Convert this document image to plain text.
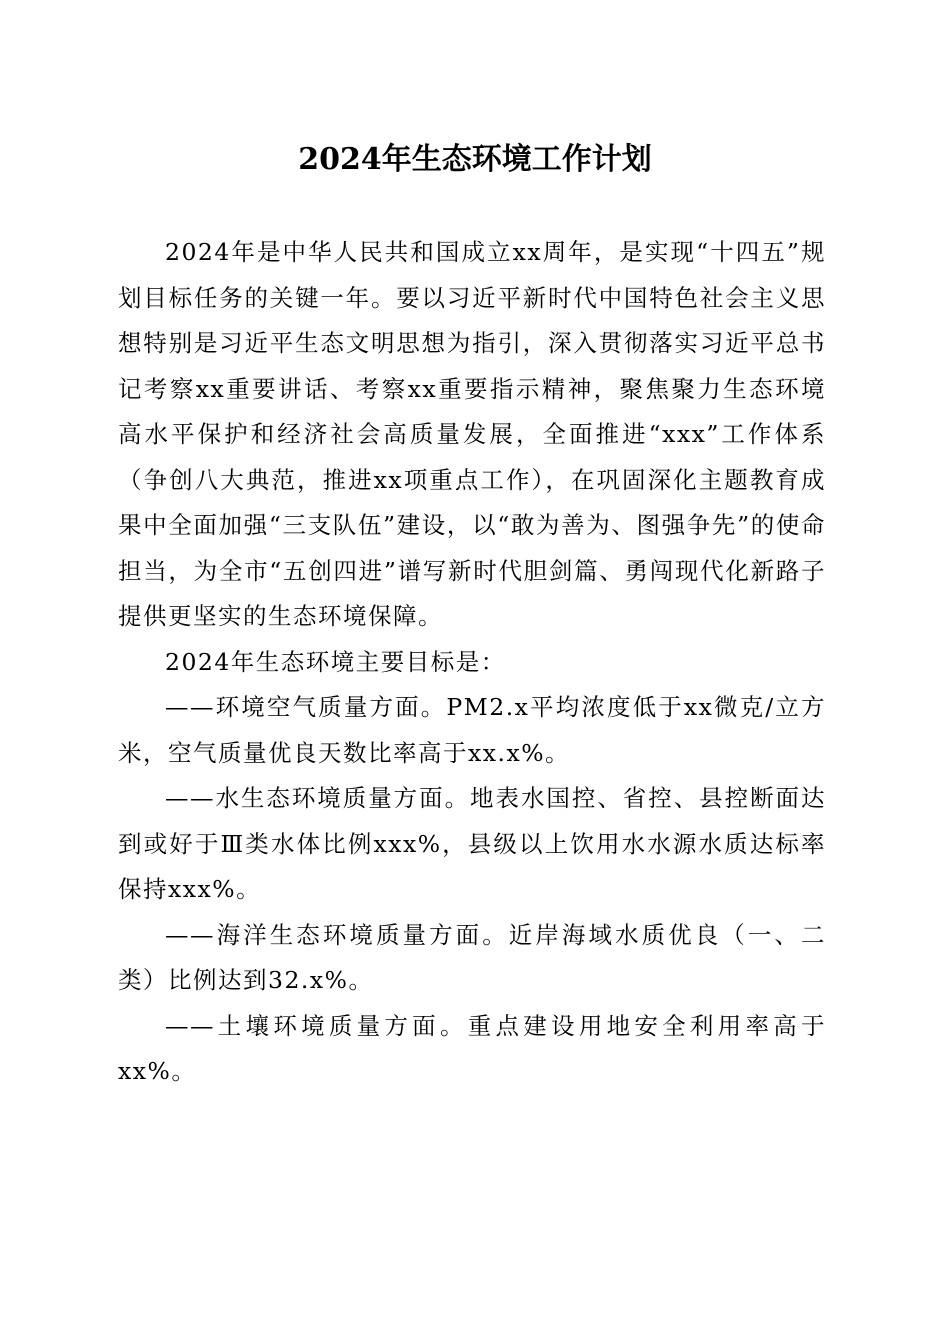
2024年生态环境工作计划

2024年是中华人民共和国成立xx周年，是实现“十四五”规划目标任务的关键一年。要以习近平新时代中国特色社会主义思想特别是习近平生态文明思想为指引，深入贯彻落实习近平总书记考察xx重要讲话、考察xx重要指示精神，聚焦聚力生态环境高水平保护和经济社会高质量发展，全面推进“xxx”工作体系（争创八大典范，推进xx项重点工作），在巩固深化主题教育成果中全面加强“三支队伍”建设，以“敢为善为、图强争先”的使命担当，为全市“五创四进”谱写新时代胆剑篇、勇闯现代化新路子提供更坚实的生态环境保障。

2024年生态环境主要目标是：

——环境空气质量方面。PM2.x平均浓度低于xx微克/立方米，空气质量优良天数比率高于xx.x%。

——水生态环境质量方面。地表水国控、省控、县控断面达到或好于Ⅲ类水体比例xxx%，县级以上饮用水水源水质达标率保持xxx%。

——海洋生态环境质量方面。近岸海域水质优良（一、二类）比例达到32.x%。

——土壤环境质量方面。重点建设用地安全利用率高于xx%。
